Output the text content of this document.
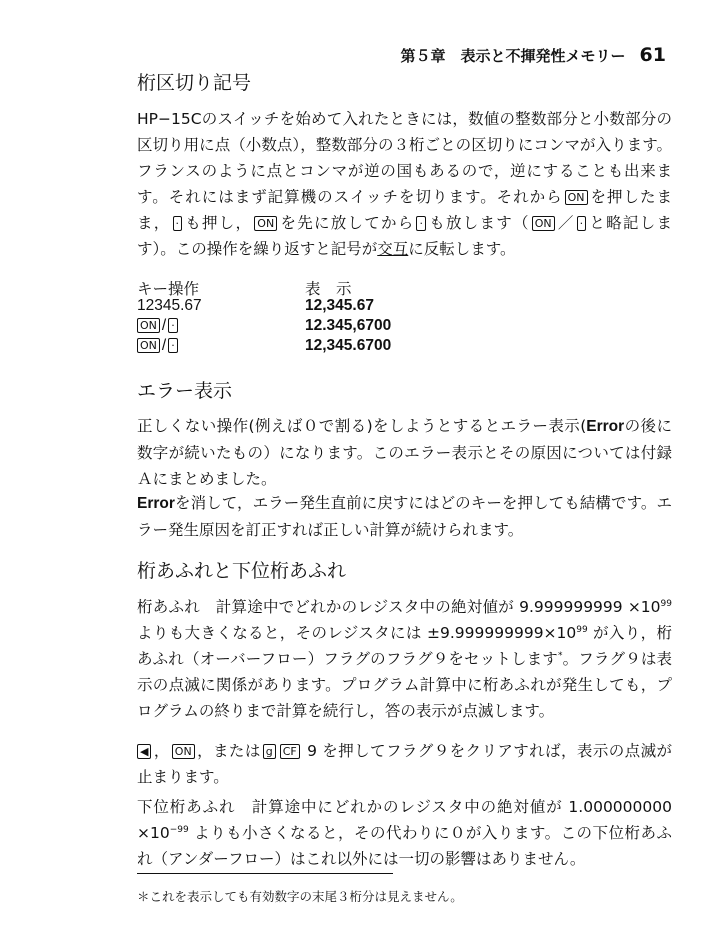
第５章　表示と不揮発性メモリー 61
桁区切り記号

HP−15Cのスイッチを始めて入れたときには，数値の整数部分と小数部分の区切り用に点（小数点），整数部分の３桁ごとの区切りにコンマが入ります。フランスのように点とコンマが逆の国もあるので，逆にすることも出来ます。それにはまず記算機のスイッチを切ります。それから ON を押したまま， · も押し， ON を先に放してから · も放します（ ON ／ · と略記します）。この操作を繰り返すと記号が交互に反転します。

キー操作	表　示
12345.67	12,345.67
ON / ·	12.345,6700
ON / ·	12,345.6700
エラー表示

正しくない操作(例えば０で割る)をしようとするとエラー表示(Errorの後に数字が続いたもの）になります。このエラー表示とその原因については付録Ａにまとめました。

Errorを消して，エラー発生直前に戻すにはどのキーを押しても結構です。エラー発生原因を訂正すれば正しい計算が続けられます。

桁あふれと下位桁あふれ

桁あふれ　 計算途中でどれかのレジスタ中の絶対値が $9.999999999 \times 10^{99}$ よりも大きくなると，そのレジスタには $\pm 9.999999999\times 10^{99}$ が入り，桁あふれ（オーバーフロー）フラグのフラグ９をセットします*。フラグ９は表示の点滅に関係があります。プログラム計算中に桁あふれが発生しても，プログラムの終りまで計算を続行し，答の表示が点滅します。

◀ ， ON ，または g CF 9 を押してフラグ９をクリアすれば，表示の点滅が止まります。

下位桁あふれ　 計算途中にどれかのレジスタ中の絶対値が $1.000000000 \times 10^{-99}$ よりも小さくなると，その代わりに０が入ります。この下位桁あふれ（アンダーフロー）はこれ以外には一切の影響はありません。

＊これを表示しても有効数字の末尾３桁分は見えません。
